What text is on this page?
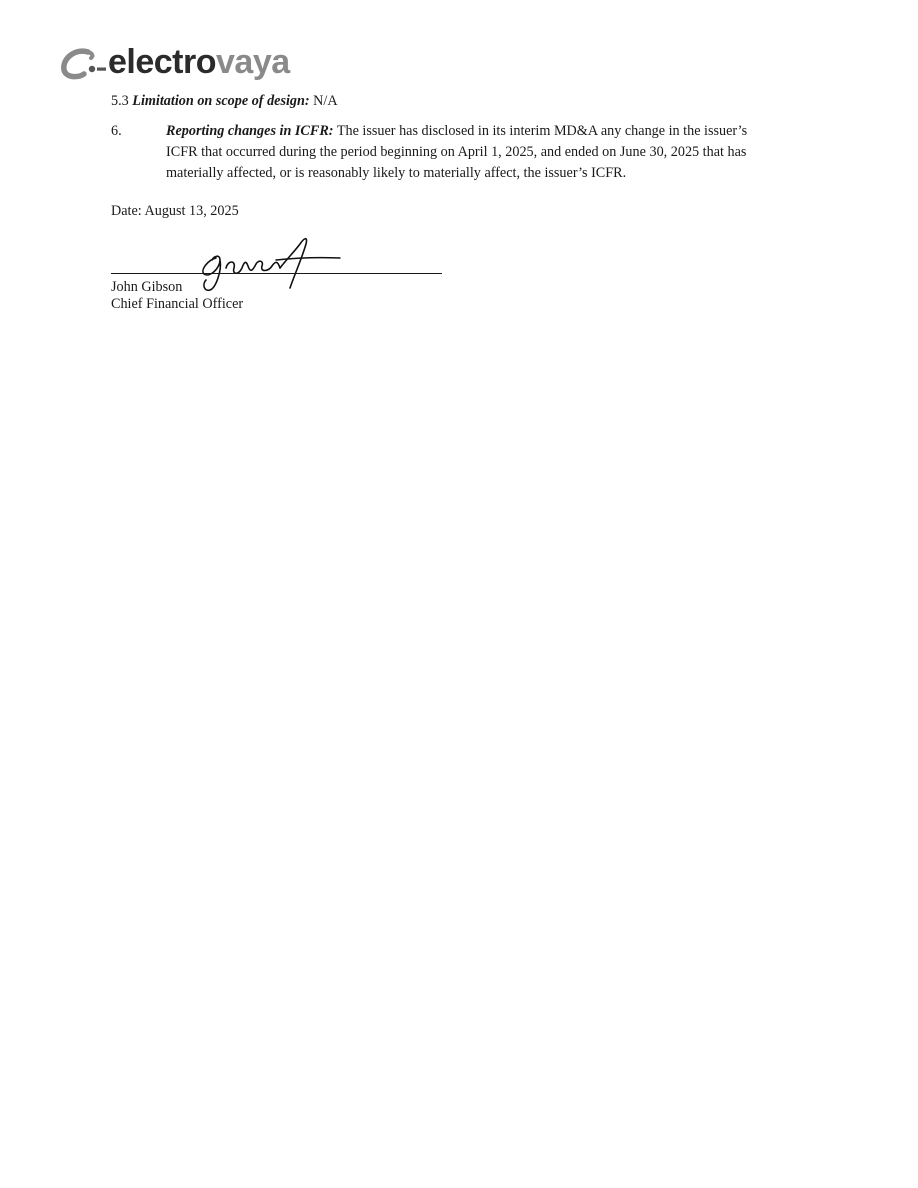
electrovaya
5.3 Limitation on scope of design: N/A
6.	Reporting changes in ICFR: The issuer has disclosed in its interim MD&A any change in the issuer’s
ICFR that occurred during the period beginning on April 1, 2025, and ended on June 30, 2025 that has
materially affected, or is reasonably likely to materially affect, the issuer’s ICFR.
Date: August 13, 2025
John Gibson
Chief Financial Officer
